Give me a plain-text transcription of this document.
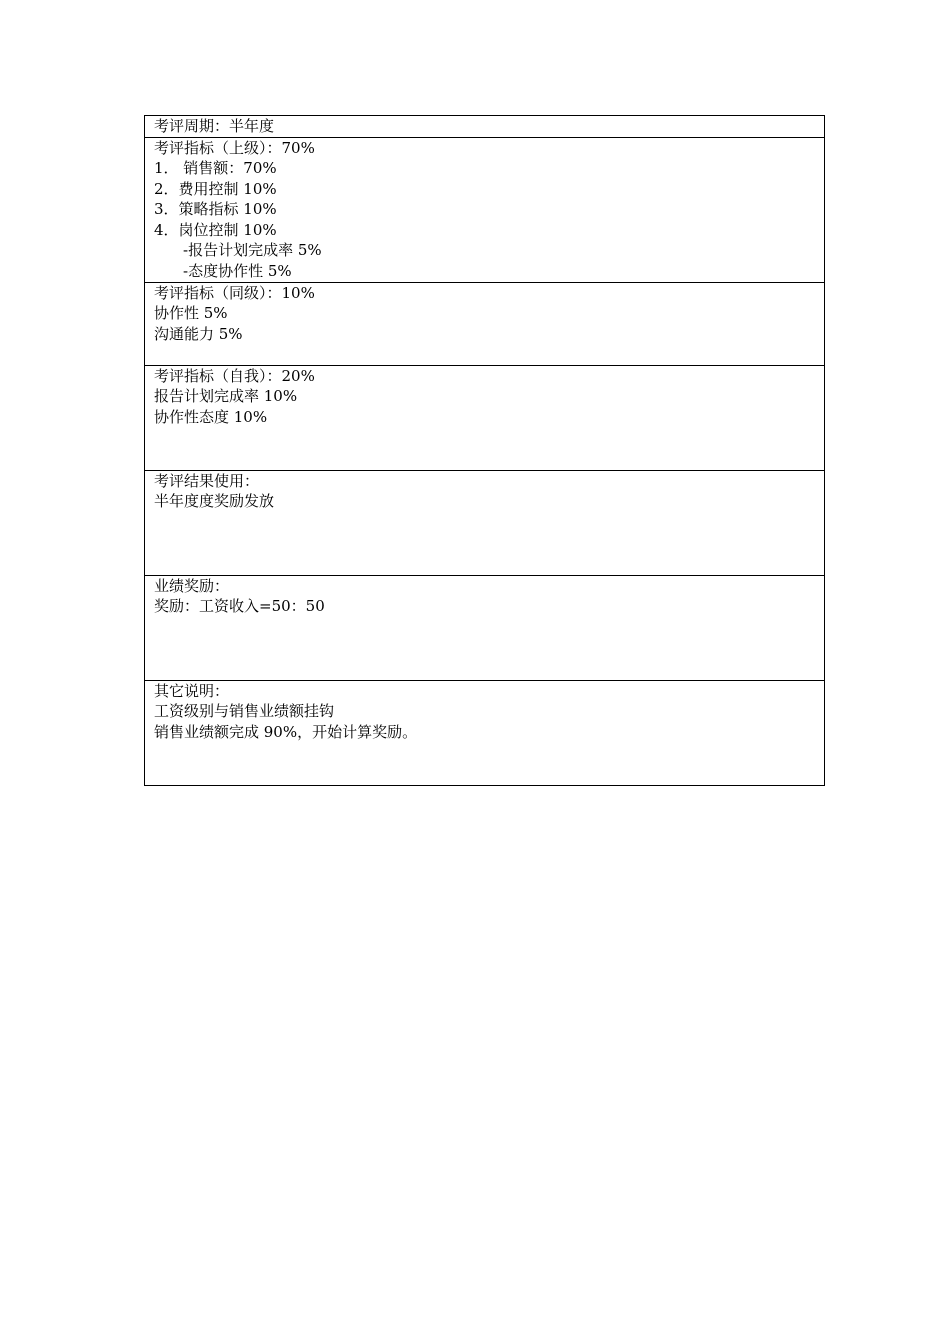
考评周期：半年度

考评指标（上级）：70%
1． 销售额：70%
2．费用控制 10%
3．策略指标 10%
4．岗位控制 10%
-报告计划完成率 5%
-态度协作性 5%

考评指标（同级）：10%
协作性 5%
沟通能力 5%

考评指标（自我）：20%
报告计划完成率 10%
协作性态度 10%

考评结果使用：
半年度度奖励发放

业绩奖励：
奖励：工资收入=50：50

其它说明：
工资级别与销售业绩额挂钩
销售业绩额完成 90%，开始计算奖励。
